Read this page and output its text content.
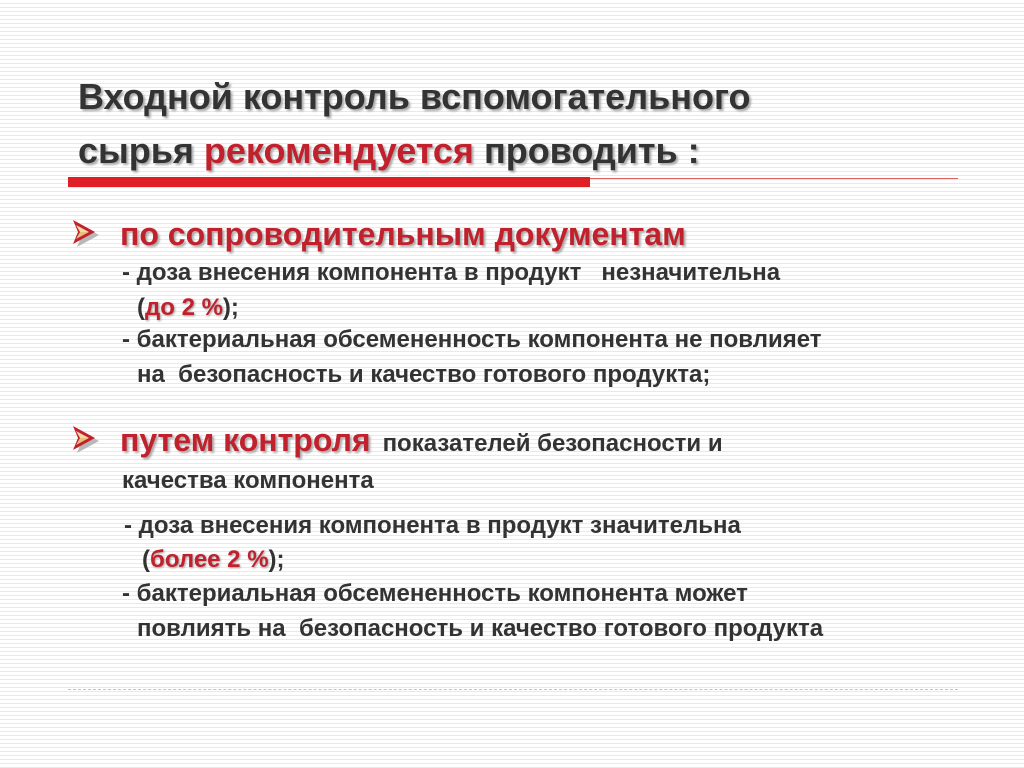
Входной контроль вспомогательного
сырья рекомендуется проводить :
по сопроводительным документам
- доза внесения компонента в продукт   незначительна
(до 2 %);
- бактериальная обсемененность компонента не повлияет
на  безопасность и качество готового продукта;
путем контроля показателей безопасности и
качества компонента
- доза внесения компонента в продукт значительна
(более 2 %);
- бактериальная обсемененность компонента может
повлиять на  безопасность и качество готового продукта
